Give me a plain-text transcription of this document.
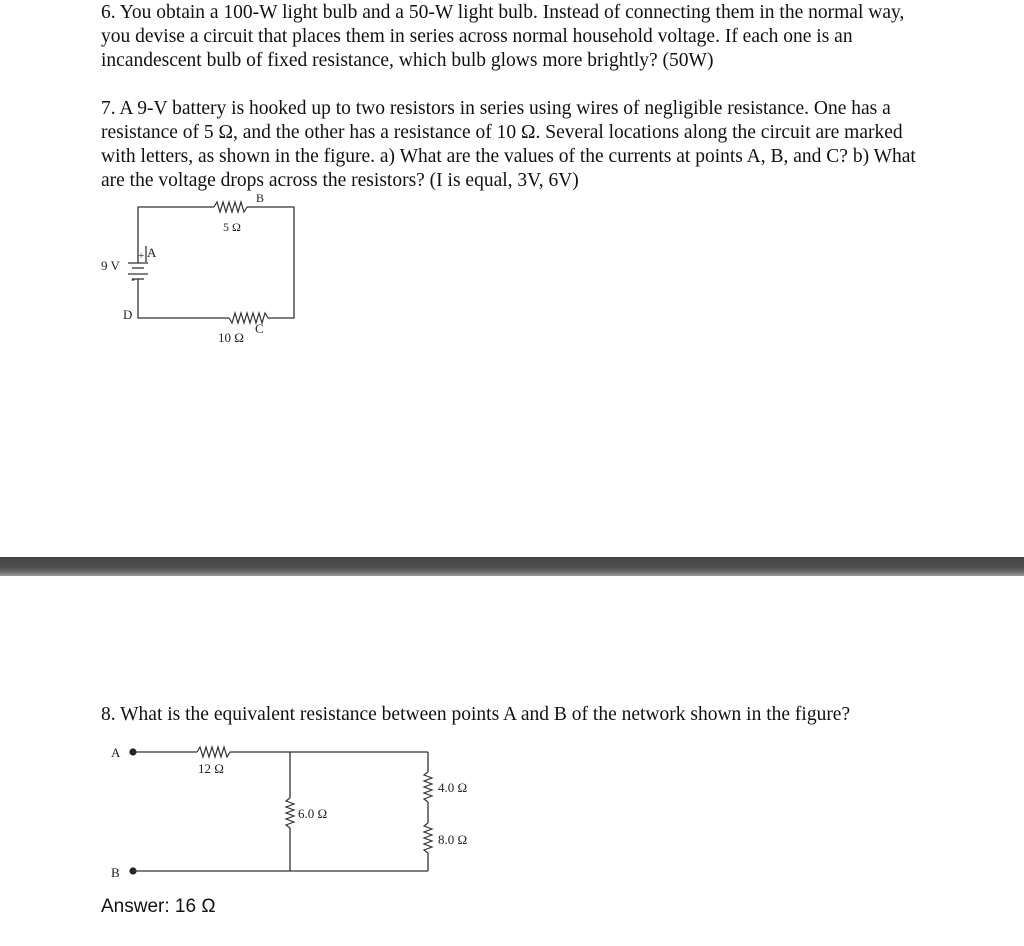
6. You obtain a 100-W light bulb and a 50-W light bulb. Instead of connecting them in the normal way, you devise a circuit that places them in series across normal household voltage. If each one is an incandescent bulb of fixed resistance, which bulb glows more brightly? (50W)

7. A 9-V battery is hooked up to two resistors in series using wires of negligible resistance. One has a resistance of 5 Ω, and the other has a resistance of 10 Ω. Several locations along the circuit are marked with letters, as shown in the figure. a) What are the values of the currents at points A, B, and C? b) What are the voltage drops across the resistors? (I is equal, 3V, 6V)

9 V
+
-
A
B
C
D
5 Ω
10 Ω

8. What is the equivalent resistance between points A and B of the network shown in the figure?

A
B
12 Ω
6.0 Ω
4.0 Ω
8.0 Ω
Answer: 16 Ω
